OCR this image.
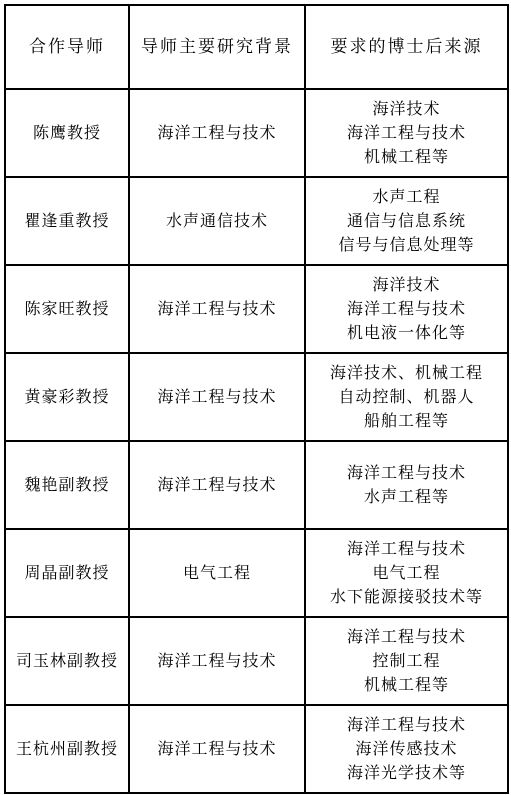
合作导师	导师主要研究背景	要求的博士后来源
陈鹰教授	海洋工程与技术	海洋技术
海洋工程与技术
机械工程等

瞿逢重教授	水声通信技术	水声工程
通信与信息系统
信号与信息处理等

陈家旺教授	海洋工程与技术	海洋技术
海洋工程与技术
机电液一体化等

黄豪彩教授	海洋工程与技术	海洋技术、机械工程
自动控制、机器人
船舶工程等

魏艳副教授	海洋工程与技术	海洋工程与技术
水声工程等

周晶副教授	电气工程	海洋工程与技术
电气工程
水下能源接驳技术等

司玉林副教授	海洋工程与技术	海洋工程与技术
控制工程
机械工程等

王杭州副教授	海洋工程与技术	海洋工程与技术
海洋传感技术
海洋光学技术等
